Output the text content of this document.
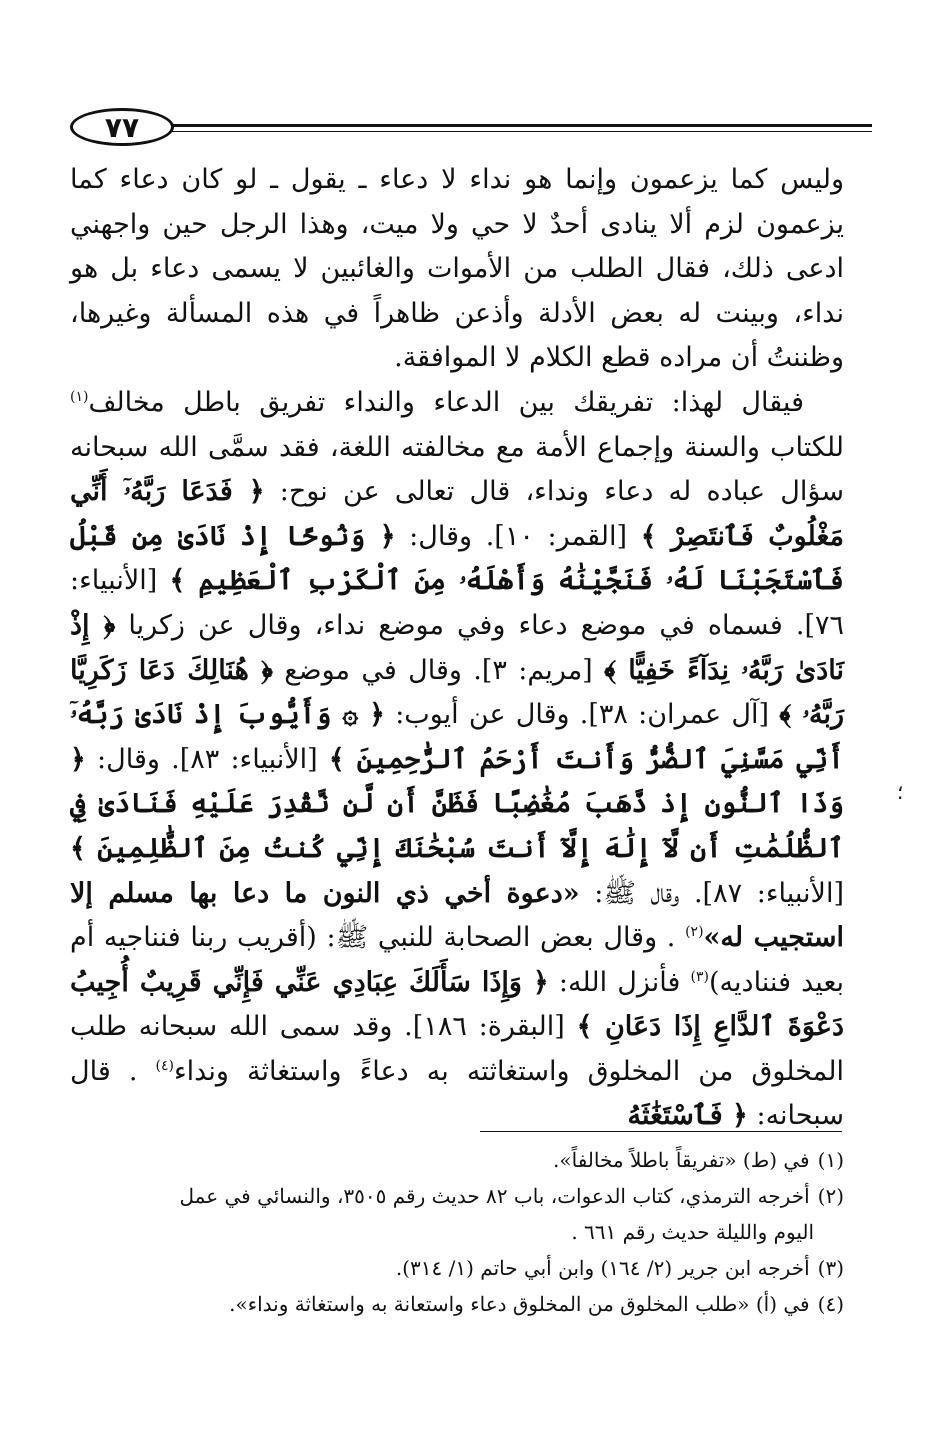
٧٧

وليس كما يزعمون وإنما هو نداء لا دعاء ـ يقول ـ لو كان دعاء كما يزعمون لزم ألا ينادى أحدٌ لا حي ولا ميت، وهذا الرجل حين واجهني ادعى ذلك، فقال الطلب من الأموات والغائبين لا يسمى دعاء بل هو نداء، وبينت له بعض الأدلة وأذعن ظاهراً في هذه المسألة وغيرها، وظننتُ أن مراده قطع الكلام لا الموافقة.

فيقال لهذا: تفريقك بين الدعاء والنداء تفريق باطل مخالف$^{(١)}$ للكتاب والسنة وإجماع الأمة مع مخالفته اللغة، فقد سمَّى الله سبحانه سؤال عباده له دعاء ونداء، قال تعالى عن نوح: ﴿ فَدَعَا رَبَّهُۥٓ أَنِّي مَغْلُوبٌ فَٱنتَصِرْ ﴾ [القمر: ١٠]. وقال: ﴿ وَنُوحًا إِذْ نَادَىٰ مِن قَبْلُ فَٱسْتَجَبْنَا لَهُۥ فَنَجَّيْنَٰهُ وَأَهْلَهُۥ مِنَ ٱلْكَرْبِ ٱلْعَظِيمِ ﴾ [الأنبياء: ٧٦]. فسماه في موضع دعاء وفي موضع نداء، وقال عن زكريا ﴿ إِذْ نَادَىٰ رَبَّهُۥ نِدَآءً خَفِيًّا ﴾ [مريم: ٣]. وقال في موضع ﴿ هُنَالِكَ دَعَا زَكَرِيَّا رَبَّهُۥ ﴾ [آل عمران: ٣٨]. وقال عن أيوب: ﴿ ۞ وَأَيُّوبَ إِذْ نَادَىٰ رَبَّهُۥٓ أَنِّي مَسَّنِيَ ٱلضُّرُّ وَأَنتَ أَرْحَمُ ٱلرَّٰحِمِينَ ﴾ [الأنبياء: ٨٣]. وقال: ﴿ وَذَا ٱلنُّونِ إِذ ذَّهَبَ مُغَٰضِبًا فَظَنَّ أَن لَّن نَّقْدِرَ عَلَيْهِ فَنَادَىٰ فِي ٱلظُّلُمَٰتِ أَن لَّآ إِلَٰهَ إِلَّآ أَنتَ سُبْحَٰنَكَ إِنِّي كُنتُ مِنَ ٱلظَّٰلِمِينَ ﴾ [الأنبياء: ٨٧]. وقال ﷺ: «دعوة أخي ذي النون ما دعا بها مسلم إلا استجيب له»$^{(٢)}$ . وقال بعض الصحابة للنبي ﷺ: (أقريب ربنا فنناجيه أم بعيد فنناديه)$^{(٣)}$ فأنزل الله: ﴿ وَإِذَا سَأَلَكَ عِبَادِي عَنِّي فَإِنِّي قَرِيبٌ أُجِيبُ دَعْوَةَ ٱلدَّاعِ إِذَا دَعَانِ ﴾ [البقرة: ١٨٦]. وقد سمى الله سبحانه طلب المخلوق من المخلوق واستغاثته به دعاءً واستغاثة ونداء$^{(٤)}$ . قال سبحانه: ﴿ فَٱسْتَغَٰثَهُ

(١)في (ط) «تفريقاً باطلاً مخالفاً».
(٢)أخرجه الترمذي، كتاب الدعوات، باب ٨٢ حديث رقم ٣٥٠٥، والنسائي في عمل
اليوم والليلة حديث رقم ٦٦١ .
(٣)أخرجه ابن جرير (٢/ ١٦٤) وابن أبي حاتم (١/ ٣١٤).
(٤)في (أ) «طلب المخلوق من المخلوق دعاء واستعانة به واستغاثة ونداء».
؛
